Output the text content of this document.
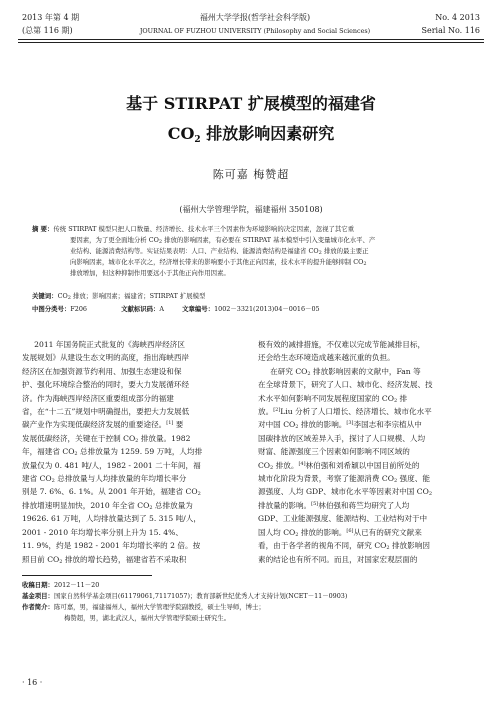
2013 年第 4 期
(总第 116 期)
福州大学学报(哲学社会科学版)
JOURNAL OF FUZHOU UNIVERSITY (Philosophy and Social Sciences)
No. 4 2013
Serial No. 116
基于 STIRPAT 扩展模型的福建省
$CO_2$ 排放影响因素研究
陈可嘉 梅赞超
(福州大学管理学院，福建福州 350108)
摘 要：传统 STIRPAT 模型只把人口数量、经济增长、技术水平三个因素作为环境影响的决定因素，忽视了其它重
要因素，为了更全面地分析 $CO_2$ 排放的影响因素，有必要在 STIRPAT 基本模型中引入变量城市化水平、产
业结构、能源消费结构等。实证结果表明：人口、产业结构、能源消费结构是福建省 $CO_2$ 排放的最主要正
向影响因素，城市化水平次之，经济增长带来的影响要小于其他正向因素，技术水平的提升能够抑制 $CO_2$
排放增加，但这种抑制作用要远小于其他正向作用因素。
关键词：$CO_2$ 排放；影响因素；福建省；STIRPAT 扩展模型
中图分类号：F206	文献标识码：A	文章编号：1002－3321(2013)04－0016－05
2011 年国务院正式批复的《海峡西岸经济区
发展规划》从建设生态文明的高度，指出海峡西岸
经济区在加强资源节约利用、加强生态建设和保
护、强化环境综合整治的同时，要大力发展循环经
济。作为海峡西岸经济区重要组成部分的福建
省，在“十二五”规划中明确提出，要把大力发展低
碳产业作为实现低碳经济发展的重要途径。[1] 要
发展低碳经济，关键在于控制 $CO_2$ 排放量。1982
年，福建省 $CO_2$ 总排放量为 1259. 59 万吨，人均排
放量仅为 0. 481 吨/人，1982 - 2001 二十年间，福
建省 $CO_2$ 总排放量与人均排放量的年均增长率分
别是 7. 6%、6. 1%。从 2001 年开始，福建省 $CO_2$
排放增速明显加快，2010 年全省 $CO_2$ 总排放量为
19626. 61 万吨，人均排放量达到了 5. 315 吨/人，
2001 - 2010 年均增长率分别上升为 15. 4%、
11. 9%，约是 1982 - 2001 年均增长率的 2 倍。按
照目前 $CO_2$ 排放的增长趋势，福建省若不采取积
极有效的减排措施，不仅难以完成节能减排目标，
还会给生态环境造成越来越沉重的负担。
在研究 $CO_2$ 排放影响因素的文献中，Fan 等
在全球背景下，研究了人口、城市化、经济发展、技
术水平如何影响不同发展程度国家的 $CO_2$ 排
放。[2]Liu 分析了人口增长、经济增长、城市化水平
对中国 $CO_2$ 排放的影响。[3]李国志和李宗植从中
国碳排放的区域差异入手，探讨了人口规模、人均
财富、能源强度三个因素如何影响不同区域的
$CO_2$ 排放。[4]林伯强和刘希颖以中国目前所处的
城市化阶段为背景，考察了能源消费 $CO_2$ 强度、能
源强度、人均 GDP、城市化水平等因素对中国 $CO_2$
排放量的影响。[5]林伯强和蒋竺均研究了人均
GDP、工业能源强度、能源结构、工业结构对于中
国人均 $CO_2$ 排放的影响。[6]从已有的研究文献来
看，由于各学者的视角不同，研究 $CO_2$ 排放影响因
素的结论也有所不同。而且，对国家宏观层面的
收稿日期：2012－11－20
基金项目：国家自然科学基金项目(61179061,71171057)；教育部新世纪优秀人才支持计划(NCET－11－0903)
作者简介：陈可嘉，男，福建福州人，福州大学管理学院副教授，硕士生导师，博士；
梅赞超，男，湖北武汉人，福州大学管理学院硕士研究生。
· 16 ·
